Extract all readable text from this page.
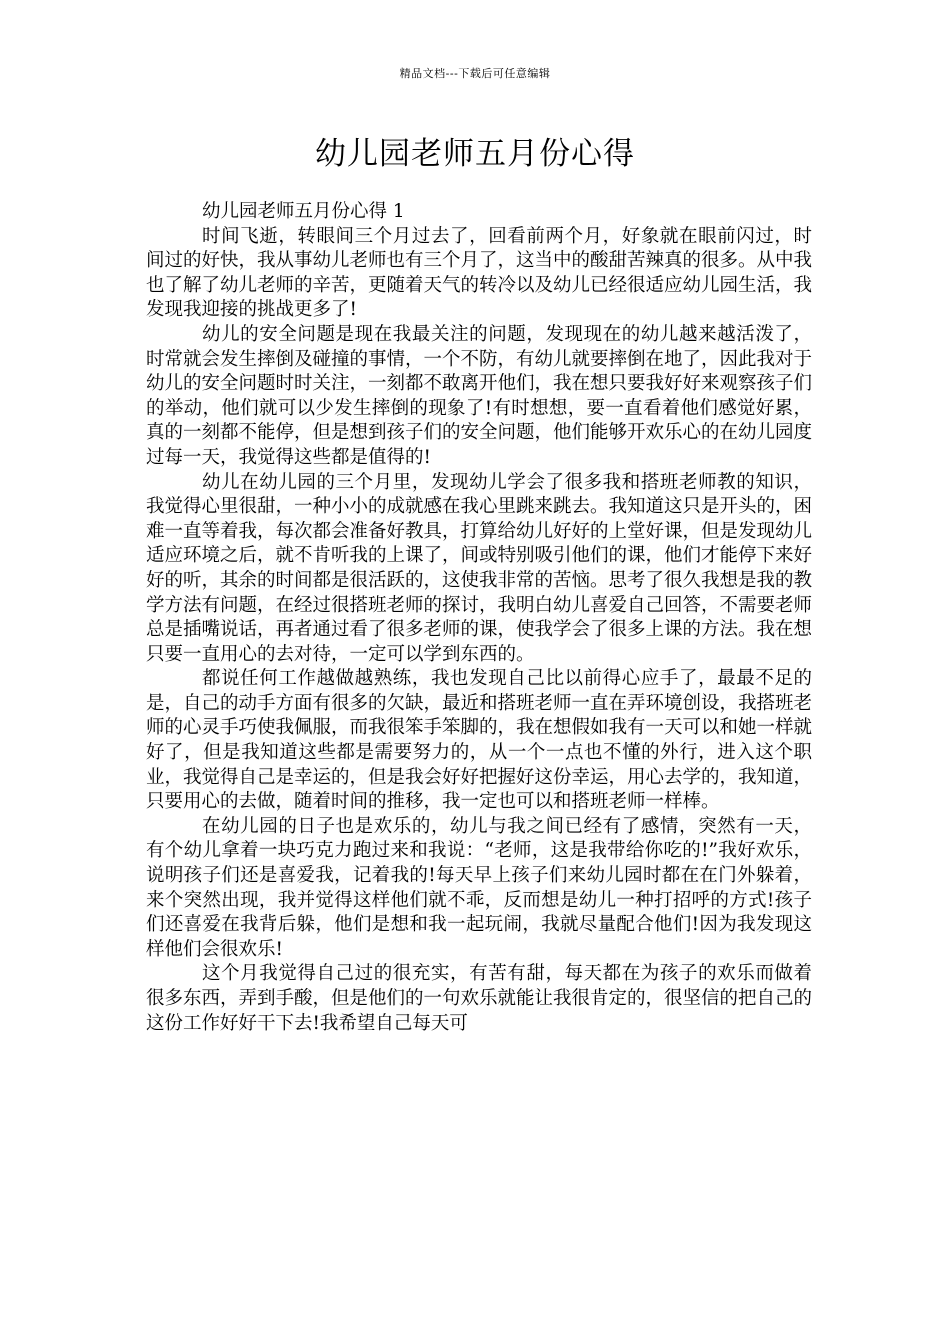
精品文档---下载后可任意编辑
幼儿园老师五月份心得

幼儿园老师五月份心得 1

时间飞逝，转眼间三个月过去了，回看前两个月，好象就在眼前闪过，时间过的好快，我从事幼儿老师也有三个月了，这当中的酸甜苦辣真的很多。从中我也了解了幼儿老师的辛苦，更随着天气的转冷以及幼儿已经很适应幼儿园生活，我发现我迎接的挑战更多了!

幼儿的安全问题是现在我最关注的问题，发现现在的幼儿越来越活泼了，时常就会发生摔倒及碰撞的事情，一个不防，有幼儿就要摔倒在地了，因此我对于幼儿的安全问题时时关注，一刻都不敢离开他们，我在想只要我好好来观察孩子们的举动，他们就可以少发生摔倒的现象了!有时想想，要一直看着他们感觉好累，真的一刻都不能停，但是想到孩子们的安全问题，他们能够开欢乐心的在幼儿园度过每一天，我觉得这些都是值得的!

幼儿在幼儿园的三个月里，发现幼儿学会了很多我和搭班老师教的知识，我觉得心里很甜，一种小小的成就感在我心里跳来跳去。我知道这只是开头的，困难一直等着我，每次都会准备好教具，打算给幼儿好好的上堂好课，但是发现幼儿适应环境之后，就不肯听我的上课了，间或特别吸引他们的课，他们才能停下来好好的听，其余的时间都是很活跃的，这使我非常的苦恼。思考了很久我想是我的教学方法有问题，在经过很搭班老师的探讨，我明白幼儿喜爱自己回答，不需要老师总是插嘴说话，再者通过看了很多老师的课，使我学会了很多上课的方法。我在想只要一直用心的去对待，一定可以学到东西的。

都说任何工作越做越熟练，我也发现自己比以前得心应手了，最最不足的是，自己的动手方面有很多的欠缺，最近和搭班老师一直在弄环境创设，我搭班老师的心灵手巧使我佩服，而我很笨手笨脚的，我在想假如我有一天可以和她一样就好了，但是我知道这些都是需要努力的，从一个一点也不懂的外行，进入这个职业，我觉得自己是幸运的，但是我会好好把握好这份幸运，用心去学的，我知道，只要用心的去做，随着时间的推移，我一定也可以和搭班老师一样棒。

在幼儿园的日子也是欢乐的，幼儿与我之间已经有了感情，突然有一天，有个幼儿拿着一块巧克力跑过来和我说：“老师，这是我带给你吃的!”我好欢乐，说明孩子们还是喜爱我，记着我的!每天早上孩子们来幼儿园时都在在门外躲着，来个突然出现，我并觉得这样他们就不乖，反而想是幼儿一种打招呼的方式!孩子们还喜爱在我背后躲，他们是想和我一起玩闹，我就尽量配合他们!因为我发现这样他们会很欢乐!

这个月我觉得自己过的很充实，有苦有甜，每天都在为孩子的欢乐而做着很多东西，弄到手酸，但是他们的一句欢乐就能让我很肯定的，很坚信的把自己的这份工作好好干下去!我希望自己每天可
